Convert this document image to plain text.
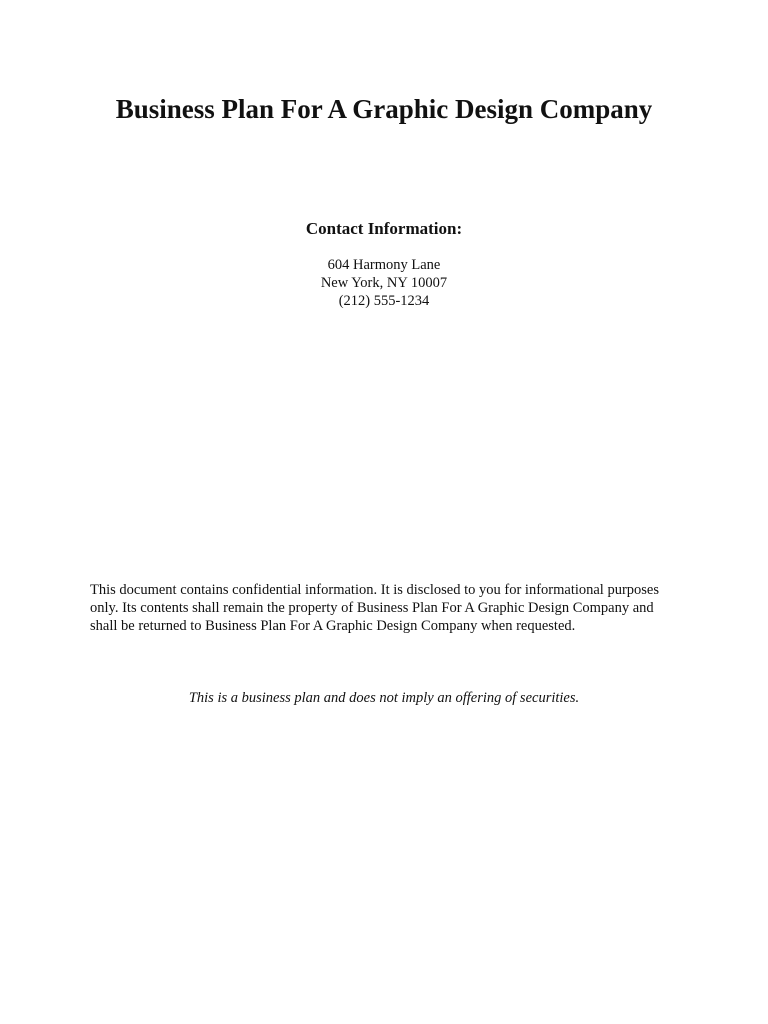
Business Plan For A Graphic Design Company
Contact Information:
604 Harmony Lane
New York, NY 10007
(212) 555-1234

This document contains confidential information. It is disclosed to you for informational purposes only. Its contents shall remain the property of Business Plan For A Graphic Design Company and shall be returned to Business Plan For A Graphic Design Company when requested.

This is a business plan and does not imply an offering of securities.
